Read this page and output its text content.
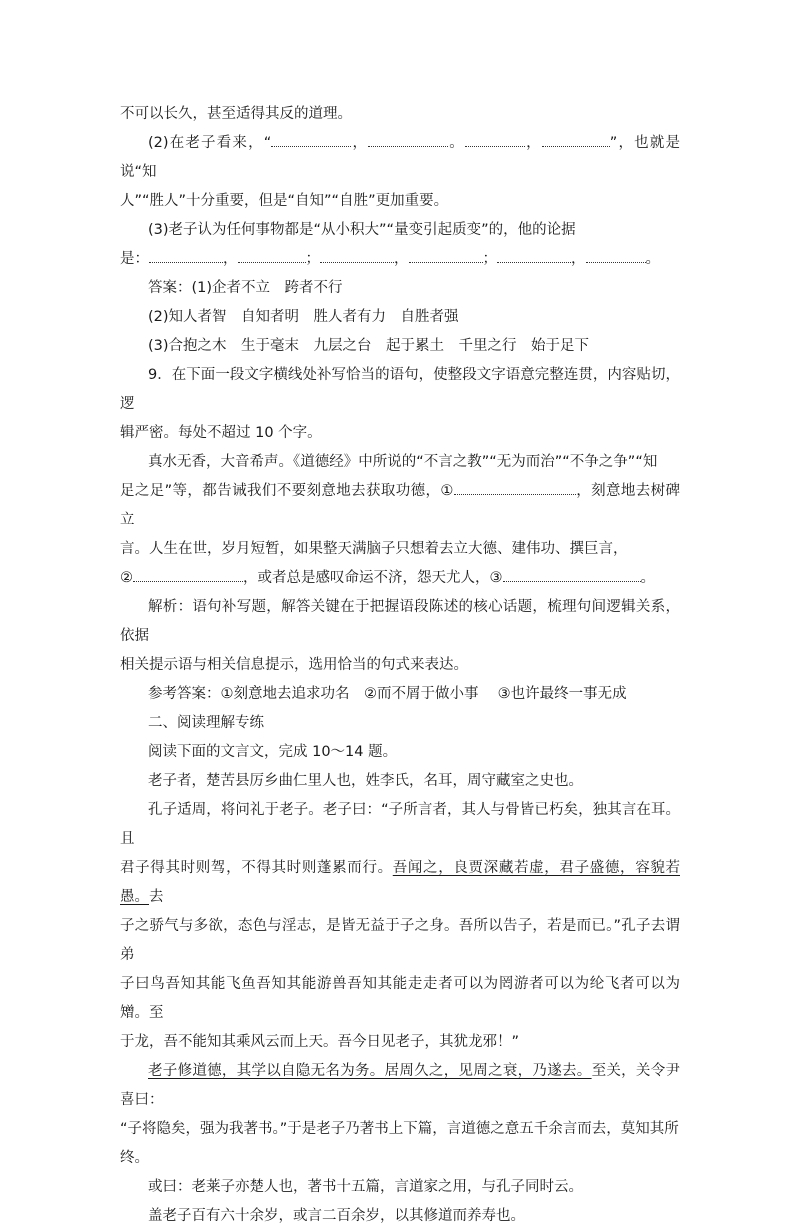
不可以长久，甚至适得其反的道理。

(2)在老子看来，“	，	。	，	”，也就是说“知

人”“胜人”十分重要，但是“自知”“自胜”更加重要。

(3)老子认为任何事物都是“从小积大”“量变引起质变”的，他的论据

是：	，	；	，	；	，	。

答案：(1)企者不立　跨者不行

(2)知人者智　自知者明　胜人者有力　自胜者强

(3)合抱之木　生于毫末　九层之台　起于累土　千里之行　始于足下

9．在下面一段文字横线处补写恰当的语句，使整段文字语意完整连贯，内容贴切，逻

辑严密。每处不超过 10 个字。

真水无香，大音希声。《道德经》中所说的“不言之教”“无为而治”“不争之争”“知

足之足”等，都告诫我们不要刻意地去获取功德，①	，刻意地去树碑立

言。人生在世，岁月短暂，如果整天满脑子只想着去立大德、建伟功、撰巨言，

②	，或者总是感叹命运不济，怨天尤人，③	。

解析：语句补写题，解答关键在于把握语段陈述的核心话题，梳理句间逻辑关系，依据

相关提示语与相关信息提示，选用恰当的句式来表达。

参考答案：①刻意地去追求功名　②而不屑于做小事　 ③也许最终一事无成

二、阅读理解专练

阅读下面的文言文，完成 10～14 题。

老子者，楚苦县厉乡曲仁里人也，姓李氏，名耳，周守藏室之史也。

孔子适周，将问礼于老子。老子曰：“子所言者，其人与骨皆已朽矣，独其言在耳。且

君子得其时则驾，不得其时则蓬累而行。吾闻之，良贾深藏若虚，君子盛德，容貌若愚。去

子之骄气与多欲，态色与淫志，是皆无益于子之身。吾所以告子，若是而已。”孔子去谓弟

子曰鸟吾知其能飞鱼吾知其能游兽吾知其能走走者可以为罔游者可以为纶飞者可以为矰。至

于龙，吾不能知其乘风云而上天。吾今日见老子，其犹龙邪！”

老子修道德，其学以自隐无名为务。居周久之，见周之衰，乃遂去。至关，关令尹喜曰：

“子将隐矣，强为我著书。”于是老子乃著书上下篇，言道德之意五千余言而去，莫知其所

终。

或曰：老莱子亦楚人也，著书十五篇，言道家之用，与孔子同时云。

盖老子百有六十余岁，或言二百余岁，以其修道而养寿也。
